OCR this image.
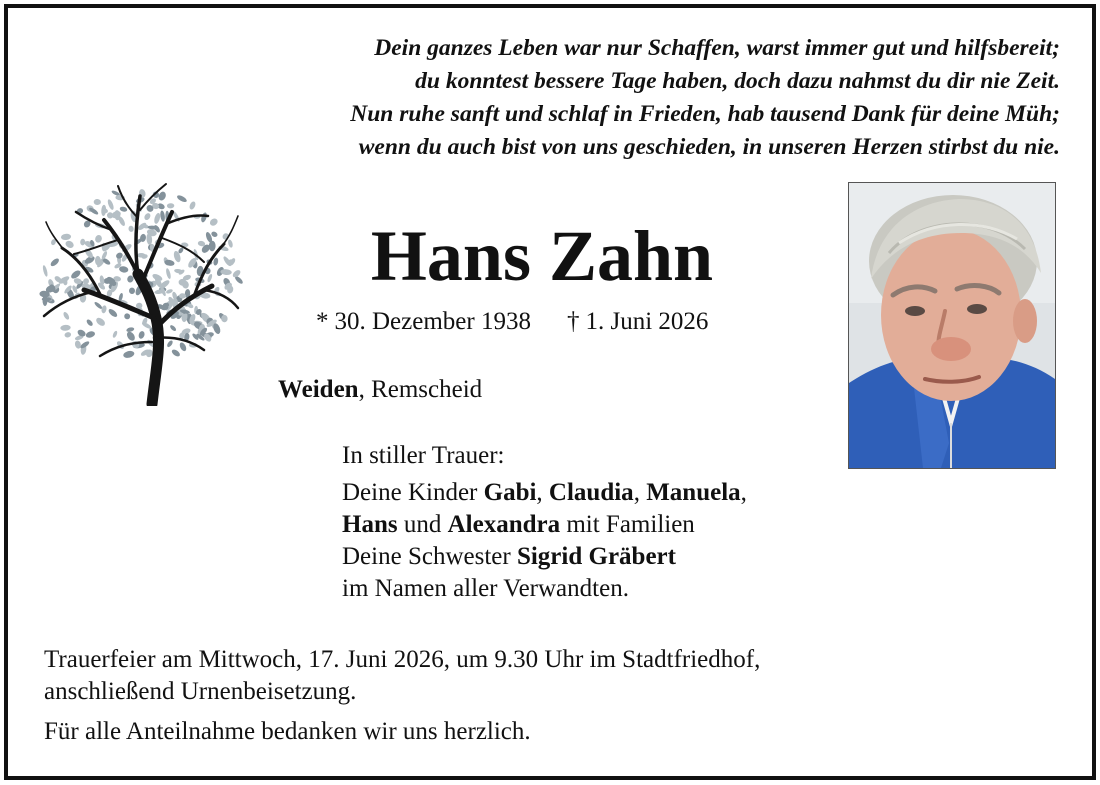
Dein ganzes Leben war nur Schaffen, warst immer gut und hilfsbereit;
du konntest bessere Tage haben, doch dazu nahmst du dir nie Zeit.
Nun ruhe sanft und schlaf in Frieden, hab tausend Dank für deine Müh;
wenn du auch bist von uns geschieden, in unseren Herzen stirbst du nie.
Hans Zahn
* 30. Dezember 1938 † 1. Juni 2026
Weiden, Remscheid
In stiller Trauer:
Deine Kinder Gabi, Claudia, Manuela,
Hans und Alexandra mit Familien
Deine Schwester Sigrid Gräbert
im Namen aller Verwandten.
Trauerfeier am Mittwoch, 17. Juni 2026, um 9.30 Uhr im Stadtfriedhof,
anschließend Urnenbeisetzung.
Für alle Anteilnahme bedanken wir uns herzlich.
